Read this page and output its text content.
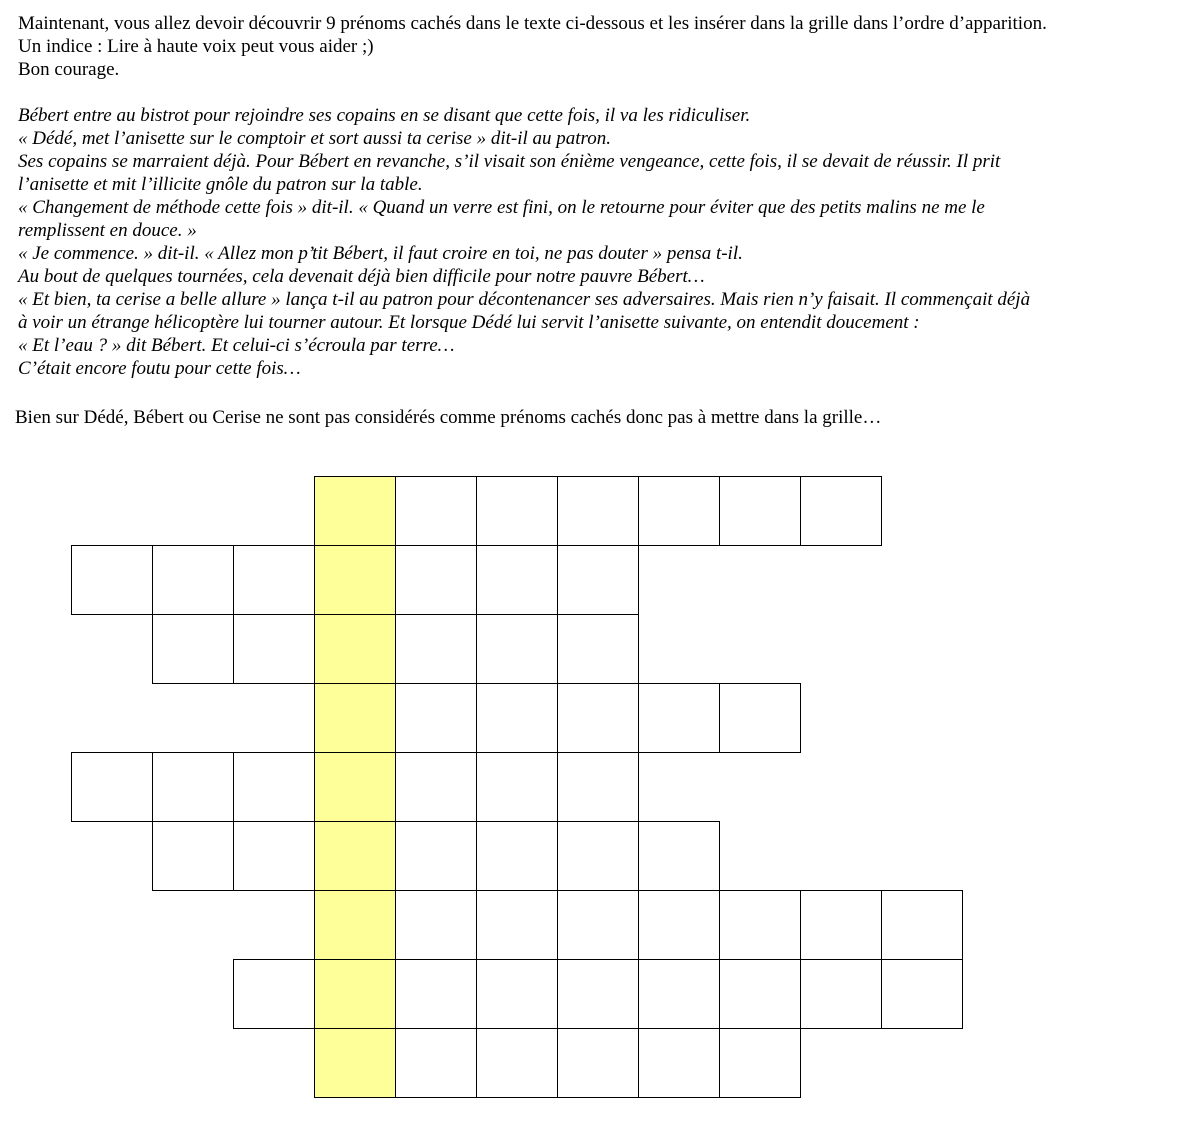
Maintenant, vous allez devoir découvrir 9 prénoms cachés dans le texte ci-dessous et les insérer dans la grille dans l’ordre d’apparition.

Un indice : Lire à haute voix peut vous aider ;)

Bon courage.

Bébert entre au bistrot pour rejoindre ses copains en se disant que cette fois, il va les ridiculiser.

« Dédé, met l’anisette sur le comptoir et sort aussi ta cerise » dit-il au patron.

Ses copains se marraient déjà. Pour Bébert en revanche, s’il visait son énième vengeance, cette fois, il se devait de réussir. Il prit

l’anisette et mit l’illicite gnôle du patron sur la table.

« Changement de méthode cette fois » dit-il. « Quand un verre est fini, on le retourne pour éviter que des petits malins ne me le

remplissent en douce. »

« Je commence. » dit-il. « Allez mon p’tit Bébert, il faut croire en toi, ne pas douter » pensa t-il.

Au bout de quelques tournées, cela devenait déjà bien difficile pour notre pauvre Bébert…

« Et bien, ta cerise a belle allure » lança t-il au patron pour décontenancer ses adversaires. Mais rien n’y faisait. Il commençait déjà

à voir un étrange hélicoptère lui tourner autour. Et lorsque Dédé lui servit l’anisette suivante, on entendit doucement :

« Et l’eau ? » dit Bébert. Et celui-ci s’écroula par terre…

C’était encore foutu pour cette fois…

Bien sur Dédé, Bébert ou Cerise ne sont pas considérés comme prénoms cachés donc pas à mettre dans la grille…
